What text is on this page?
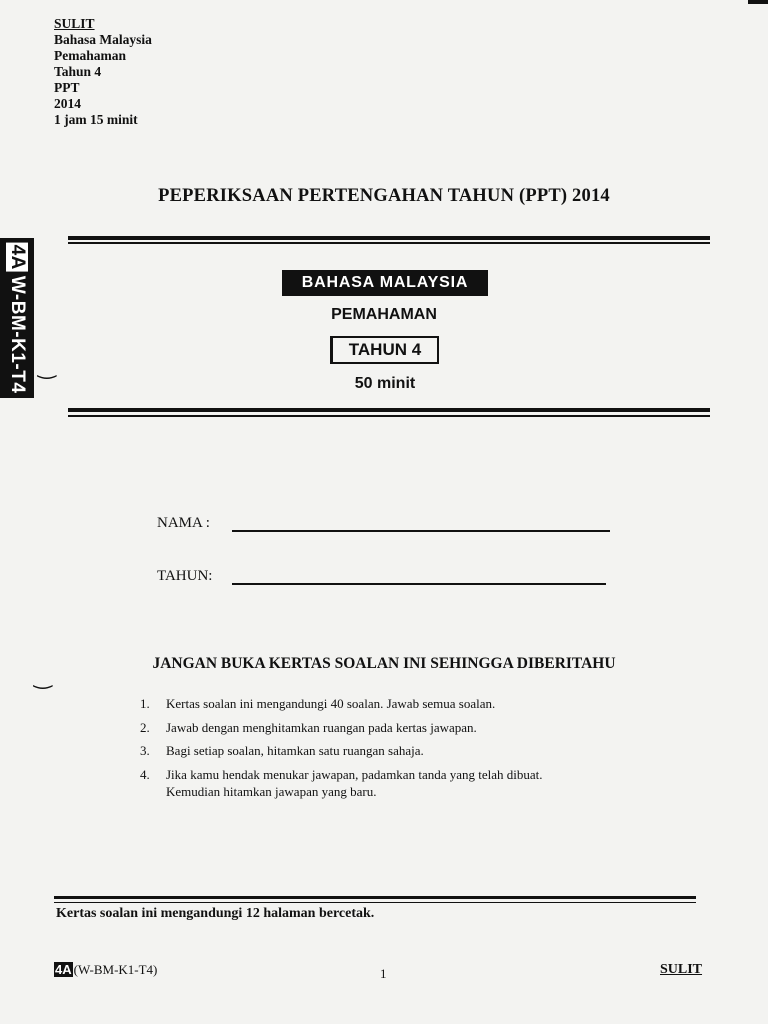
SULIT
Bahasa Malaysia
Pemahaman
Tahun 4
PPT
2014
1 jam 15 minit
PEPERIKSAAN PERTENGAHAN TAHUN (PPT) 2014
4AW-BM-K1-T4 ‿
BAHASA MALAYSIA
PEMAHAMAN
TAHUN 4
50 minit
NAMA :
TAHUN:
‿
JANGAN BUKA KERTAS SOALAN INI SEHINGGA DIBERITAHU
1. Kertas soalan ini mengandungi 40 soalan. Jawab semua soalan.
2. Jawab dengan menghitamkan ruangan pada kertas jawapan.
3. Bagi setiap soalan, hitamkan satu ruangan sahaja.
4. Jika kamu hendak menukar jawapan, padamkan tanda yang telah dibuat.
Kemudian hitamkan jawapan yang baru.
Kertas soalan ini mengandungi 12 halaman bercetak.
4A (W-BM-K1-T4)	1	SULIT
